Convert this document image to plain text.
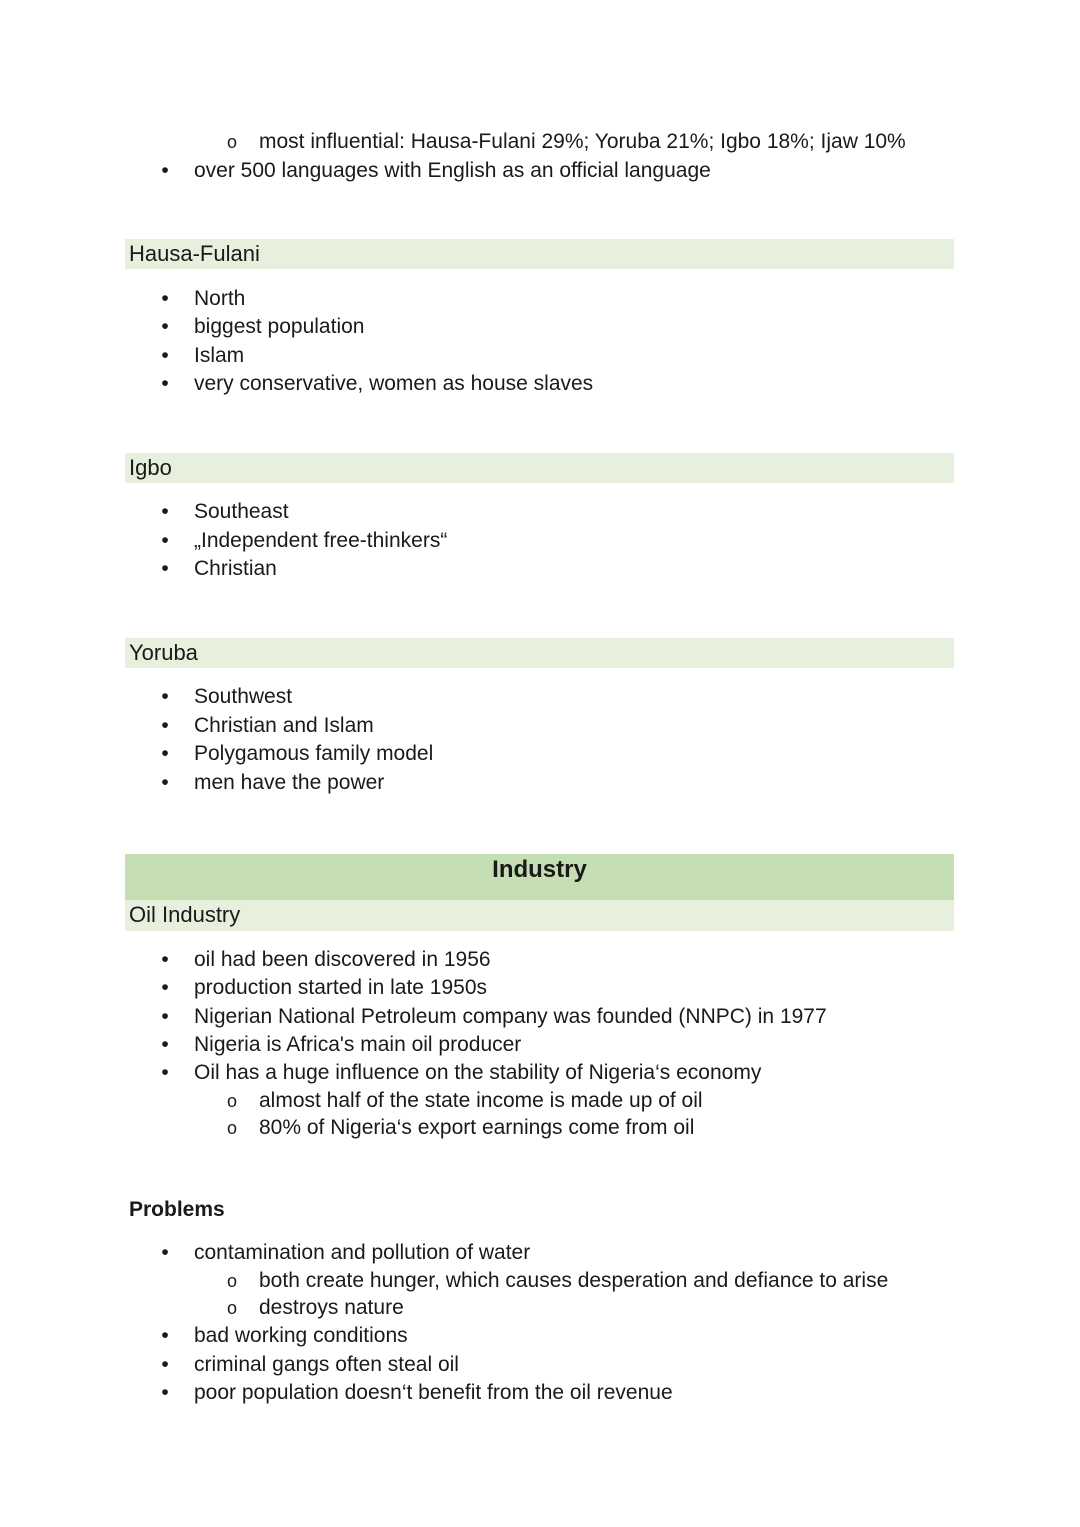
o
most influential: Hausa-Fulani 29%; Yoruba 21%; Igbo 18%; Ijaw 10%
•
over 500 languages with English as an official language
Hausa-Fulani
•
North
•
biggest population
•
Islam
•
very conservative, women as house slaves
Igbo
•
Southeast
•
„Independent free-thinkers“
•
Christian
Yoruba
•
Southwest
•
Christian and Islam
•
Polygamous family model
•
men have the power
Industry
Oil Industry
•
oil had been discovered in 1956
•
production started in late 1950s
•
Nigerian National Petroleum company was founded (NNPC) in 1977
•
Nigeria is Africa's main oil producer
•
Oil has a huge influence on the stability of Nigeria‘s economy
o
almost half of the state income is made up of oil
o
80% of Nigeria‘s export earnings come from oil
Problems
•
contamination and pollution of water
o
both create hunger, which causes desperation and defiance to arise
o
destroys nature
•
bad working conditions
•
criminal gangs often steal oil
•
poor population doesn‘t benefit from the oil revenue
